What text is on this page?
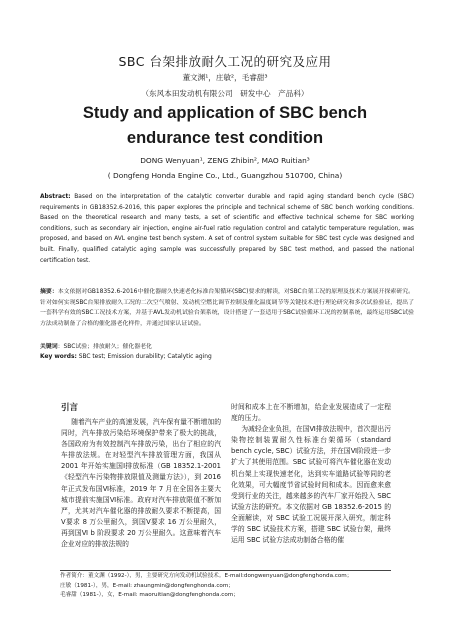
SBC 台架排放耐久工况的研究及应用
董文渊¹，庄敏²，毛睿甜³
（东风本田发动机有限公司　研发中心　产品科）
Study and application of SBC bench
endurance test condition
DONG Wenyuan¹, ZENG Zhibin², MAO Ruitian³
( Dongfeng Honda Engine Co., Ltd., Guangzhou 510700, China)
Abstract: Based on the interpretation of the catalytic converter durable and rapid aging standard bench cycle (SBC) requirements in GB18352.6-2016, this paper explores the principle and technical scheme of SBC bench working conditions. Based on the theoretical research and many tests, a set of scientific and effective technical scheme for SBC working conditions, such as secondary air injection, engine air-fuel ratio regulation control and catalytic temperature regulation, was proposed, and based on AVL engine test bench system. A set of control system suitable for SBC test cycle was designed and built. Finally, qualified catalytic aging sample was successfully prepared by SBC test method, and passed the national certification test.
摘要：本文依据对GB18352.6-2016中催化器耐久快速老化标准台架循环(SBC)要求的解读，对SBC台架工况的原理及技术方案展开探索研究。针对如何实现SBC台架排放耐久工况的二次空气喷射、发动机空燃比调节控制及催化温度调节等关键技术进行理论研究和多次试验验证，提出了一套科学有效的SBC工况技术方案，并基于AVL发动机试验台架系统，设计搭建了一套适用于SBC试验循环工况的控制系统，最终运用SBC试验方法成功制备了合格的催化器老化样件，并通过国家认证试验。
关键词：SBC试验；排放耐久；催化器老化
Key words: SBC test; Emission durability; Catalytic aging
引言

随着汽车产业的高速发展，汽车保有量不断增加的同时，汽车排放污染给环境保护带来了极大的挑战，各国政府为有效控制汽车排放污染，出台了相应的汽车排放法规。在对轻型汽车排放管理方面，我国从 2001 年开始实施国Ⅰ排放标准（GB 18352.1-2001《轻型汽车污染物排放限值及测量方法》），到 2016 年正式发布国Ⅵ标准，2019 年 7 月在全国各主要大城市提前实施国Ⅵ标准。政府对汽车排放限值不断加严，尤其对汽车催化器的排放耐久要求不断提高，国Ⅴ要求 8 万公里耐久，到国Ⅴ要求 16 万公里耐久，再到国Ⅵ b 阶段要求 20 万公里耐久。这意味着汽车企业对应的排放法规的

时间和成本上在不断增加，给企业发展造成了一定程度的压力。

为减轻企业负担，在国Ⅵ排放法规中，首次提出污染物控制装置耐久性标准台架循环（standard bench cycle, SBC）试验方法，并在国Ⅵ阶段进一步扩大了其使用范围。SBC 试验可将汽车催化器在发动机台架上实现快速老化，达到实车道路试验等同的老化效果，可大幅度节省试验时间和成本。因而愈来愈受到行业的关注，越来越多的汽车厂家开始投入 SBC 试验方法的研究。本文依据对 GB 18352.6-2015 的全面解读，对 SBC 试验工况展开深入研究，制定科学的 SBC 试验技术方案，搭建 SBC 试验台架，最终运用 SBC 试验方法成功制备合格的催

作者简介：董文渊（1992-），男，主要研究方向发动机试验技术。E-mail:dongwenyuan@dongfenghonda.com；
庄敏（1981-），男，E-mail: zhaungmin@dongfenghonda.com；
毛睿甜（1981-），女，E-mail: maoruitian@dongfenghonda.com；
